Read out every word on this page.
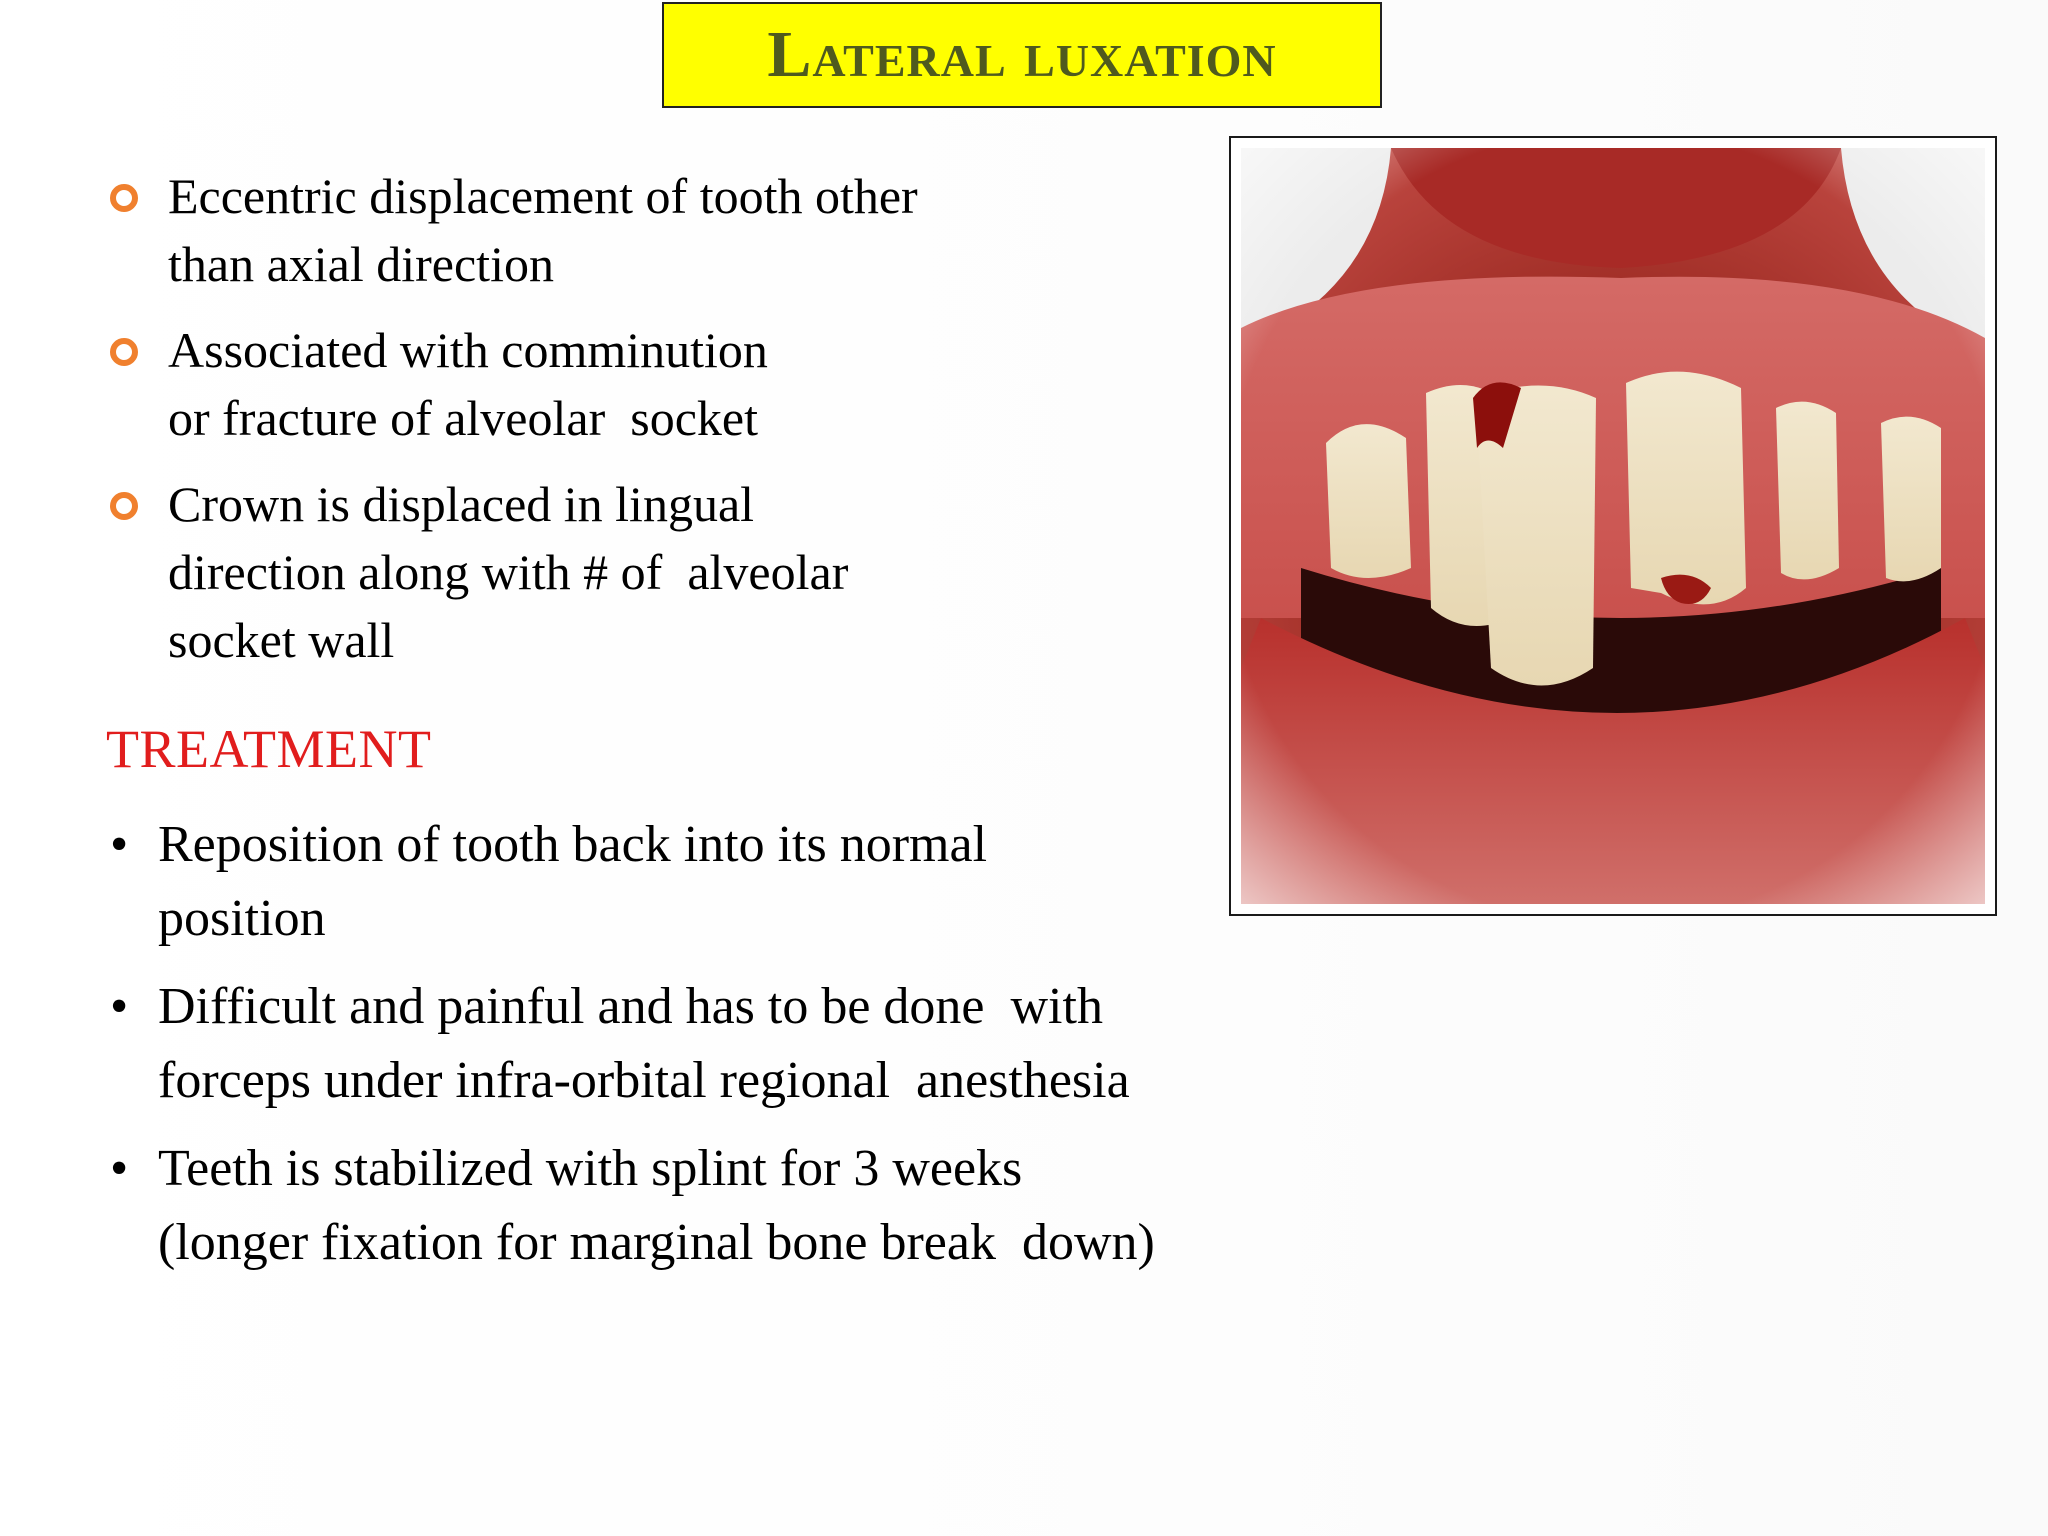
Lateral luxation
Eccentric displacement of tooth other
than axial direction
Associated with comminution
or fracture of alveolar  socket
Crown is displaced in lingual
direction along with # of  alveolar
socket wall
TREATMENT
• Reposition of tooth back into its normal
position
• Difficult and painful and has to be done  with
forceps under infra-orbital regional  anesthesia
• Teeth is stabilized with splint for 3 weeks
(longer fixation for marginal bone break  down)
